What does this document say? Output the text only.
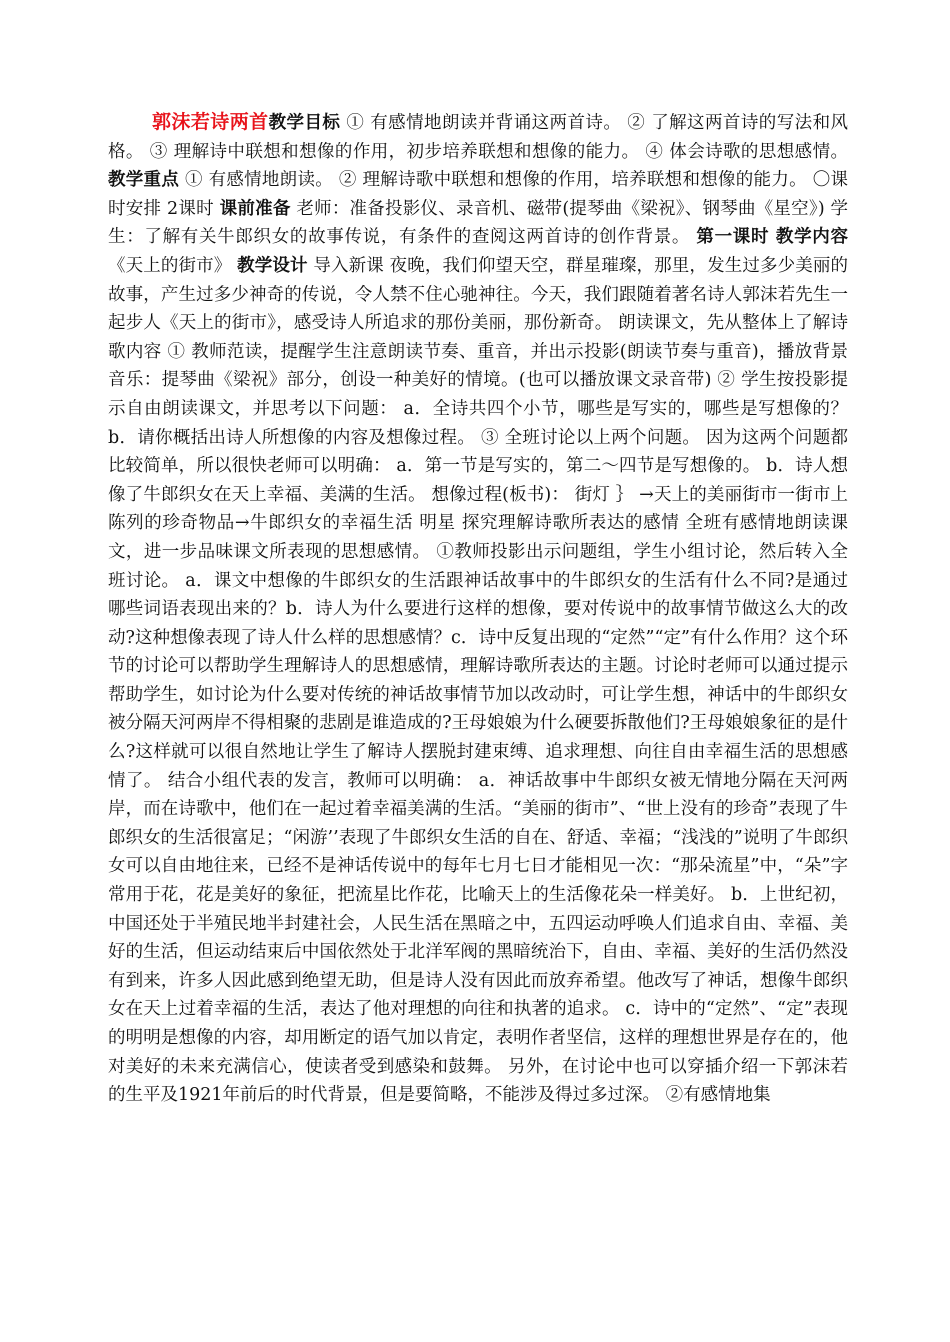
郭沫若诗两首教学目标 ① 有感情地朗读并背诵这两首诗。 ② 了解这两首诗的写法和风格。 ③ 理解诗中联想和想像的作用，初步培养联想和想像的能力。 ④ 体会诗歌的思想感情。 教学重点 ① 有感情地朗读。 ② 理解诗歌中联想和想像的作用，培养联想和想像的能力。 〇课时安排 2课时 课前准备 老师：准备投影仪、录音机、磁带(提琴曲《梁祝》、钢琴曲《星空》) 学生：了解有关牛郎织女的故事传说，有条件的查阅这两首诗的创作背景。 第一课时 教学内容 《天上的街市》 教学设计 导入新课 夜晚，我们仰望天空，群星璀璨，那里，发生过多少美丽的故事，产生过多少神奇的传说，令人禁不住心驰神往。今天，我们跟随着著名诗人郭沫若先生一起步人《天上的街市》，感受诗人所追求的那份美丽，那份新奇。 朗读课文，先从整体上了解诗歌内容 ① 教师范读，提醒学生注意朗读节奏、重音，并出示投影(朗读节奏与重音)，播放背景音乐：提琴曲《梁祝》部分，创设一种美好的情境。(也可以播放课文录音带) ② 学生按投影提示自由朗读课文，并思考以下问题： a．全诗共四个小节，哪些是写实的，哪些是写想像的？b．请你概括出诗人所想像的内容及想像过程。 ③ 全班讨论以上两个问题。 因为这两个问题都比较简单，所以很快老师可以明确： a．第一节是写实的，第二～四节是写想像的。 b．诗人想像了牛郎织女在天上幸福、美满的生活。 想像过程(板书)： 街灯 ｝ →天上的美丽街市一街市上陈列的珍奇物品→牛郎织女的幸福生活 明星 探究理解诗歌所表达的感情 全班有感情地朗读课文，进一步品味课文所表现的思想感情。 ①教师投影出示问题组，学生小组讨论，然后转入全班讨论。 a．课文中想像的牛郎织女的生活跟神话故事中的牛郎织女的生活有什么不同?是通过哪些词语表现出来的？b．诗人为什么要进行这样的想像，要对传说中的故事情节做这么大的改动?这种想像表现了诗人什么样的思想感情？c．诗中反复出现的“定然”“定”有什么作用？这个环节的讨论可以帮助学生理解诗人的思想感情，理解诗歌所表达的主题。讨论时老师可以通过提示帮助学生，如讨论为什么要对传统的神话故事情节加以改动时，可让学生想，神话中的牛郎织女被分隔天河两岸不得相聚的悲剧是谁造成的?王母娘娘为什么硬要拆散他们?王母娘娘象征的是什么?这样就可以很自然地让学生了解诗人摆脱封建束缚、追求理想、向往自由幸福生活的思想感情了。 结合小组代表的发言，教师可以明确： a．神话故事中牛郎织女被无情地分隔在天河两岸，而在诗歌中，他们在一起过着幸福美满的生活。“美丽的街市”、“世上没有的珍奇”表现了牛郎织女的生活很富足；“闲游’’表现了牛郎织女生活的自在、舒适、幸福；“浅浅的”说明了牛郎织女可以自由地往来，已经不是神话传说中的每年七月七日才能相见一次：“那朵流星”中，“朵”字常用于花，花是美好的象征，把流星比作花，比喻天上的生活像花朵一样美好。 b．上世纪初，中国还处于半殖民地半封建社会，人民生活在黑暗之中，五四运动呼唤人们追求自由、幸福、美好的生活，但运动结束后中国依然处于北洋军阀的黑暗统治下，自由、幸福、美好的生活仍然没有到来，许多人因此感到绝望无助，但是诗人没有因此而放弃希望。他改写了神话，想像牛郎织女在天上过着幸福的生活，表达了他对理想的向往和执著的追求。 c．诗中的“定然”、“定”表现的明明是想像的内容，却用断定的语气加以肯定，表明作者坚信，这样的理想世界是存在的，他对美好的未来充满信心，使读者受到感染和鼓舞。 另外，在讨论中也可以穿插介绍一下郭沫若的生平及1921年前后的时代背景，但是要简略，不能涉及得过多过深。 ②有感情地集
